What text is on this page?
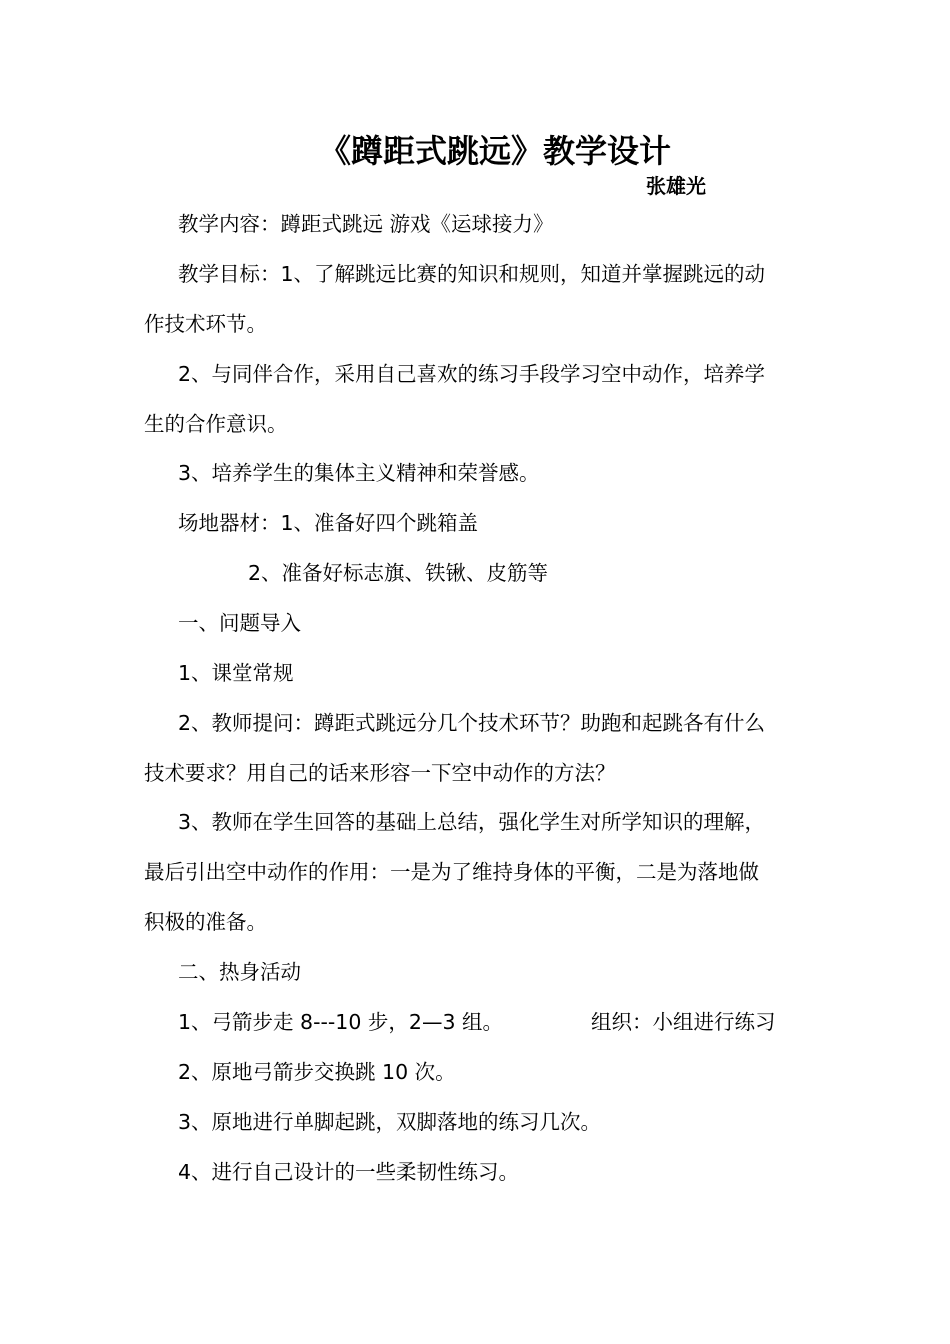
《蹲距式跳远》教学设计
张雄光
教学内容：蹲距式跳远 游戏《运球接力》
教学目标：1、了解跳远比赛的知识和规则，知道并掌握跳远的动
作技术环节。
2、与同伴合作，采用自己喜欢的练习手段学习空中动作，培养学
生的合作意识。
3、培养学生的集体主义精神和荣誉感。
场地器材：1、准备好四个跳箱盖
2、准备好标志旗、铁锹、皮筋等
一、问题导入
1、课堂常规
2、教师提问：蹲距式跳远分几个技术环节？助跑和起跳各有什么
技术要求？用自己的话来形容一下空中动作的方法？
3、教师在学生回答的基础上总结，强化学生对所学知识的理解，
最后引出空中动作的作用：一是为了维持身体的平衡，二是为落地做
积极的准备。
二、热身活动
1、弓箭步走 8---10 步，2—3 组。	组织：小组进行练习
2、原地弓箭步交换跳 10 次。
3、原地进行单脚起跳，双脚落地的练习几次。
4、进行自己设计的一些柔韧性练习。
